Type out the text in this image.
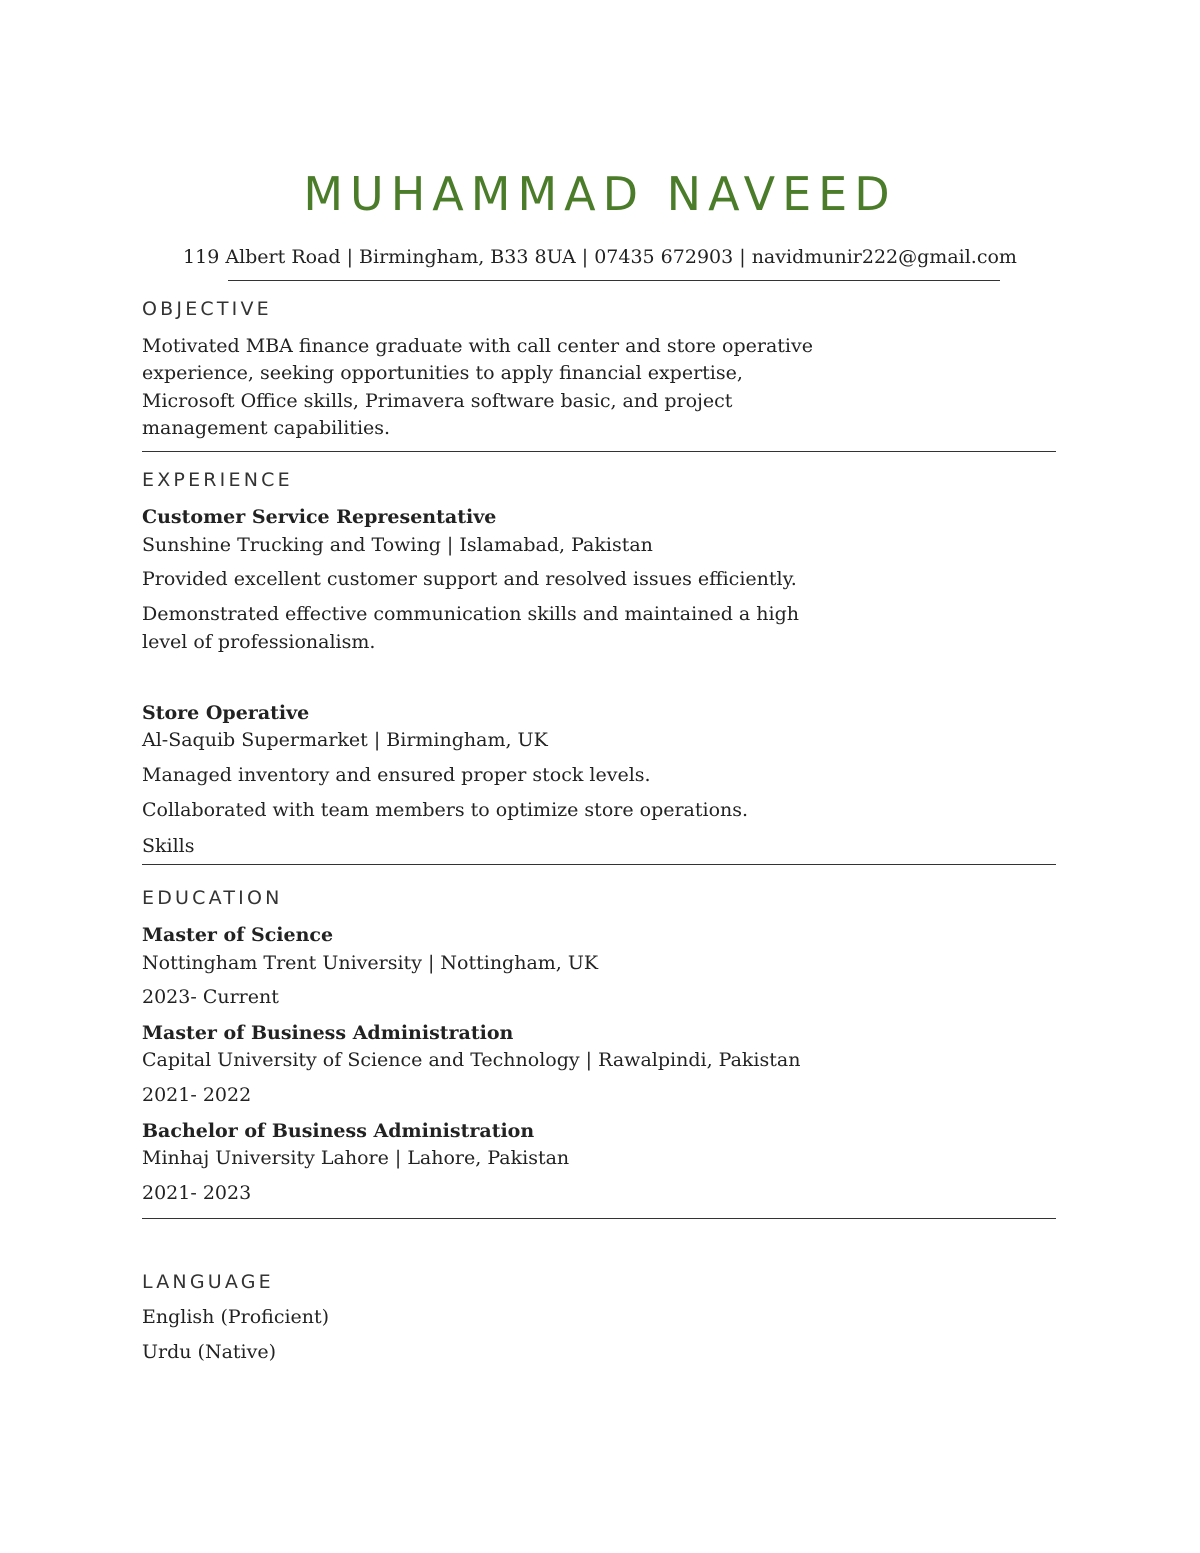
MUHAMMAD NAVEED
119 Albert Road | Birmingham, B33 8UA | 07435 672903 | navidmunir222@gmail.com
OBJECTIVE
Motivated MBA finance graduate with call center and store operative
experience, seeking opportunities to apply financial expertise,
Microsoft Office skills, Primavera software basic, and project
management capabilities.
EXPERIENCE
Customer Service Representative
Sunshine Trucking and Towing | Islamabad, Pakistan
Provided excellent customer support and resolved issues efficiently.
Demonstrated effective communication skills and maintained a high
level of professionalism.
Store Operative
Al-Saquib Supermarket | Birmingham, UK
Managed inventory and ensured proper stock levels.
Collaborated with team members to optimize store operations.
Skills
EDUCATION
Master of Science
Nottingham Trent University | Nottingham, UK
2023- Current
Master of Business Administration
Capital University of Science and Technology | Rawalpindi, Pakistan
2021- 2022
Bachelor of Business Administration
Minhaj University Lahore | Lahore, Pakistan
2021- 2023
LANGUAGE
English (Proficient)
Urdu (Native)
